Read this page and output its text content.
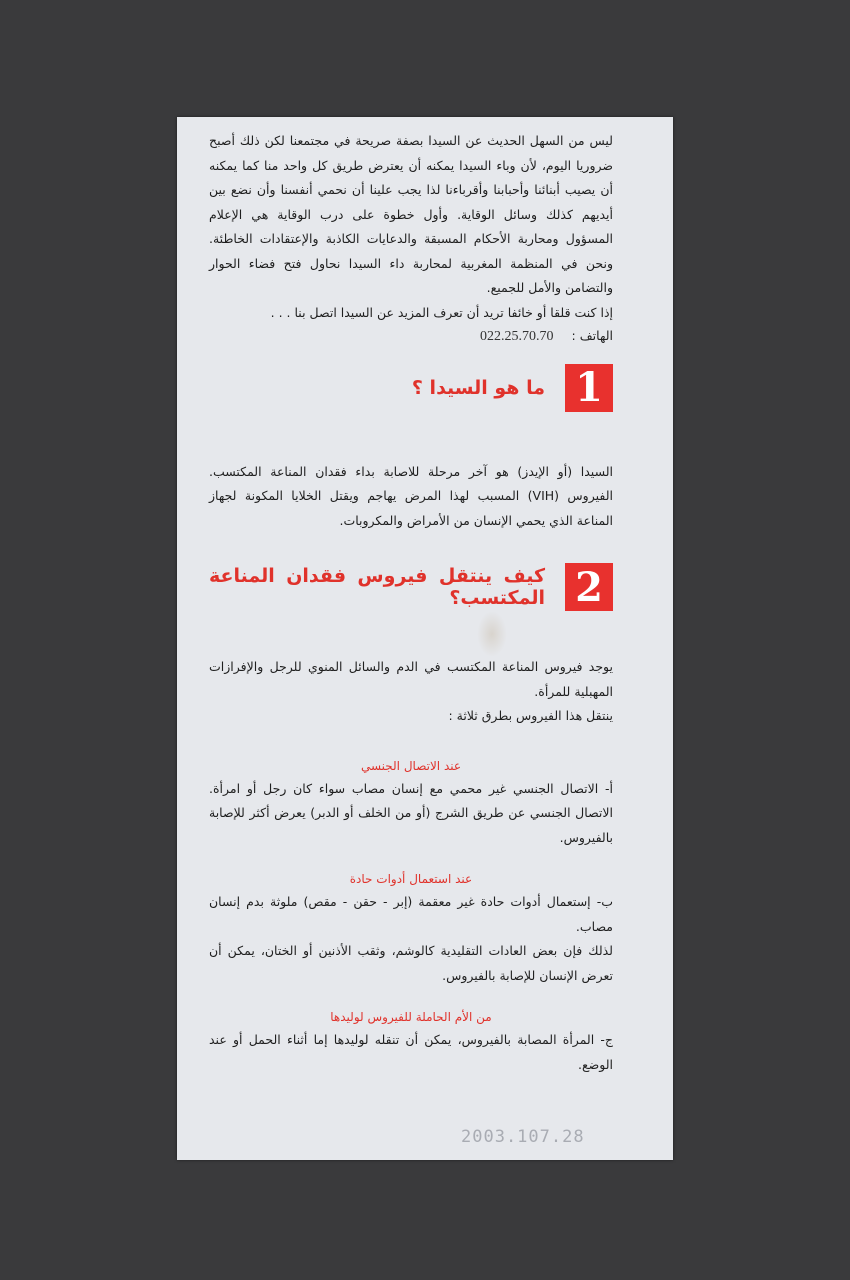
ليس من السهل الحديث عن السيدا بصفة صريحة في مجتمعنا لكن ذلك أصبح ضروريا اليوم، لأن وباء السيدا يمكنه أن يعترض طريق كل واحد منا كما يمكنه أن يصيب أبنائنا وأحبابنا وأقرباءنا لذا يجب علينا أن نحمي أنفسنا وأن نضع بين أيديهم كذلك وسائل الوقاية. وأول خطوة على درب الوقاية هي الإعلام المسؤول ومحاربة الأحكام المسبقة والدعايات الكاذبة والإعتقادات الخاطئة. ونحن في المنظمة المغربية لمحاربة داء السيدا نحاول فتح فضاء الحوار والتضامن والأمل للجميع.

إذا كنت قلقا أو خائفا تريد أن تعرف المزيد عن السيدا اتصل بنا . . .
الهاتف : 022.25.70.70
1
ما هو السيدا ؟

السيدا (أو الإيدز) هو آخر مرحلة للاصابة بداء فقدان المناعة المكتسب. الفيروس (VIH) المسبب لهذا المرض يهاجم ويقتل الخلايا المكونة لجهاز المناعة الذي يحمي الإنسان من الأمراض والمكروبات.

2
كيف ينتقل فيروس فقدان المناعة المكتسب؟
يوجد فيروس المناعة المكتسب في الدم والسائل المنوي للرجل والإفرازات المهبلية للمرأة.
ينتقل هذا الفيروس بطرق ثلاثة :

عند الاتصال الجنسي

أ- الاتصال الجنسي غير محمي مع إنسان مصاب سواء كان رجل أو امرأة. الاتصال الجنسي عن طريق الشرج (أو من الخلف أو الدبر) يعرض أكثر للإصابة بالفيروس.

عند استعمال أدوات حادة

ب- إستعمال أدوات حادة غير معقمة (إبر - حقن - مقص) ملوثة بدم إنسان مصاب.

لذلك فإن بعض العادات التقليدية كالوشم، وثقب الأذنين أو الختان، يمكن أن تعرض الإنسان للإصابة بالفيروس.

من الأم الحاملة للفيروس لوليدها

ج- المرأة المصابة بالفيروس، يمكن أن تنقله لوليدها إما أثناء الحمل أو عند الوضع.

2003.107.28
